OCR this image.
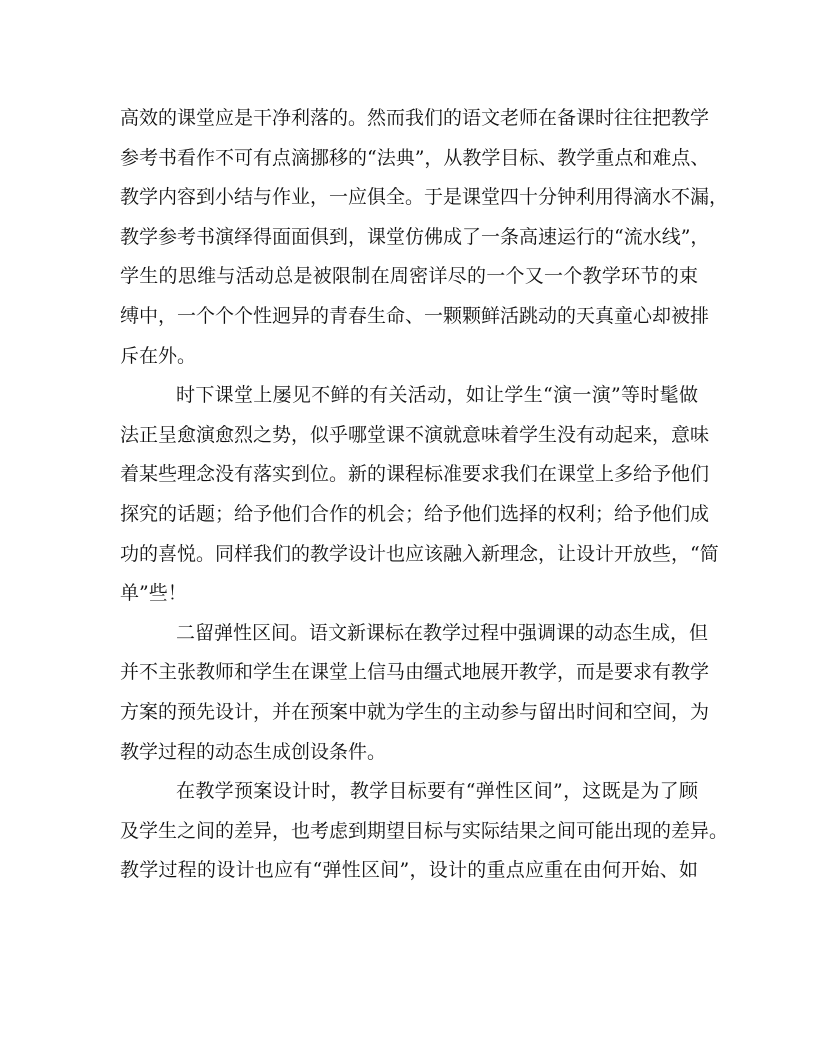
高效的课堂应是干净利落的。然而我们的语文老师在备课时往往把教学
参考书看作不可有点滴挪移的“法典”，从教学目标、教学重点和难点、
教学内容到小结与作业，一应俱全。于是课堂四十分钟利用得滴水不漏，
教学参考书演绎得面面俱到，课堂仿佛成了一条高速运行的“流水线”，
学生的思维与活动总是被限制在周密详尽的一个又一个教学环节的束
缚中，一个个个性迥异的青春生命、一颗颗鲜活跳动的天真童心却被排
斥在外。
时下课堂上屡见不鲜的有关活动，如让学生“演一演”等时髦做
法正呈愈演愈烈之势，似乎哪堂课不演就意味着学生没有动起来，意味
着某些理念没有落实到位。新的课程标准要求我们在课堂上多给予他们
探究的话题；给予他们合作的机会；给予他们选择的权利；给予他们成
功的喜悦。同样我们的教学设计也应该融入新理念，让设计开放些，“简
单”些！
二留弹性区间。语文新课标在教学过程中强调课的动态生成，但
并不主张教师和学生在课堂上信马由缰式地展开教学，而是要求有教学
方案的预先设计，并在预案中就为学生的主动参与留出时间和空间，为
教学过程的动态生成创设条件。
在教学预案设计时，教学目标要有“弹性区间”，这既是为了顾
及学生之间的差异，也考虑到期望目标与实际结果之间可能出现的差异。
教学过程的设计也应有“弹性区间”，设计的重点应重在由何开始、如
